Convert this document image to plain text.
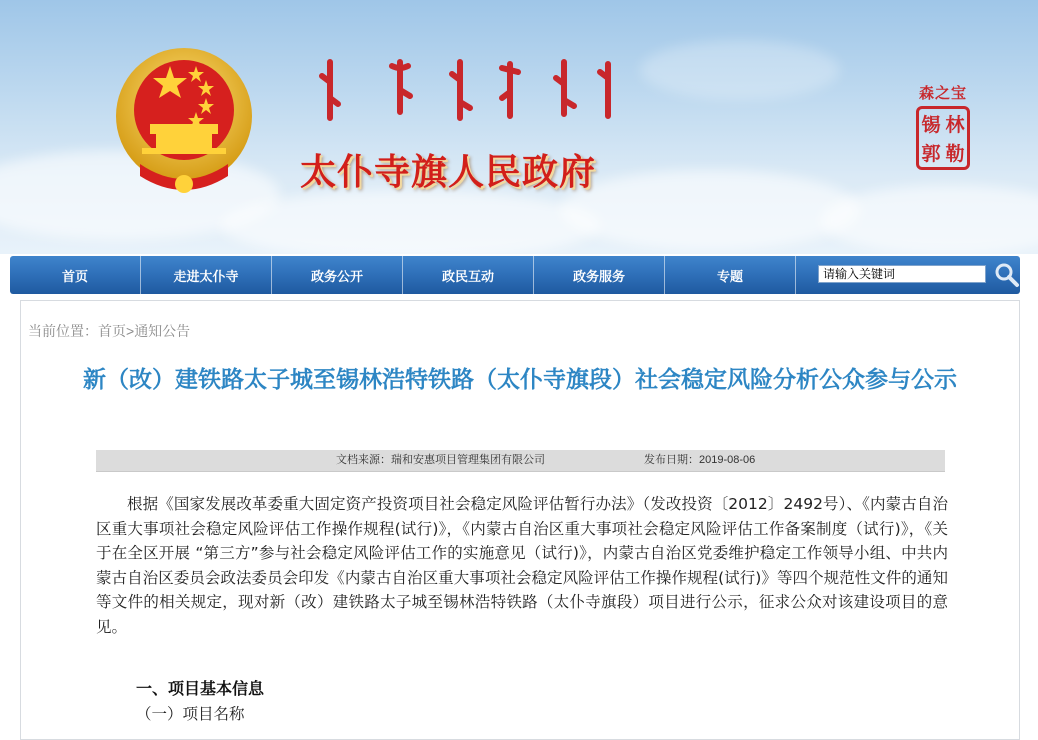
太仆寺旗人民政府
森之宝
锡 林
郭 勒
首页	走进太仆寺	政务公开	政民互动	政务服务	专题
请输入关键词
当前位置：首页>通知公告
新（改）建铁路太子城至锡林浩特铁路（太仆寺旗段）社会稳定风险分析公众参与公示
文档来源：瑞和安惠项目管理集团有限公司	发布日期：2019-08-06

根据《国家发展改革委重大固定资产投资项目社会稳定风险评估暂行办法》（发改投资〔2012〕2492号）、《内蒙古自治区重大事项社会稳定风险评估工作操作规程(试行)》，《内蒙古自治区重大事项社会稳定风险评估工作备案制度（试行)》，《关于在全区开展 “第三方”参与社会稳定风险评估工作的实施意见（试行)》，内蒙古自治区党委维护稳定工作领导小组、中共内蒙古自治区委员会政法委员会印发《内蒙古自治区重大事项社会稳定风险评估工作操作规程(试行)》等四个规范性文件的通知等文件的相关规定，现对新（改）建铁路太子城至锡林浩特铁路（太仆寺旗段）项目进行公示，征求公众对该建设项目的意见。

一、项目基本信息
（一）项目名称
